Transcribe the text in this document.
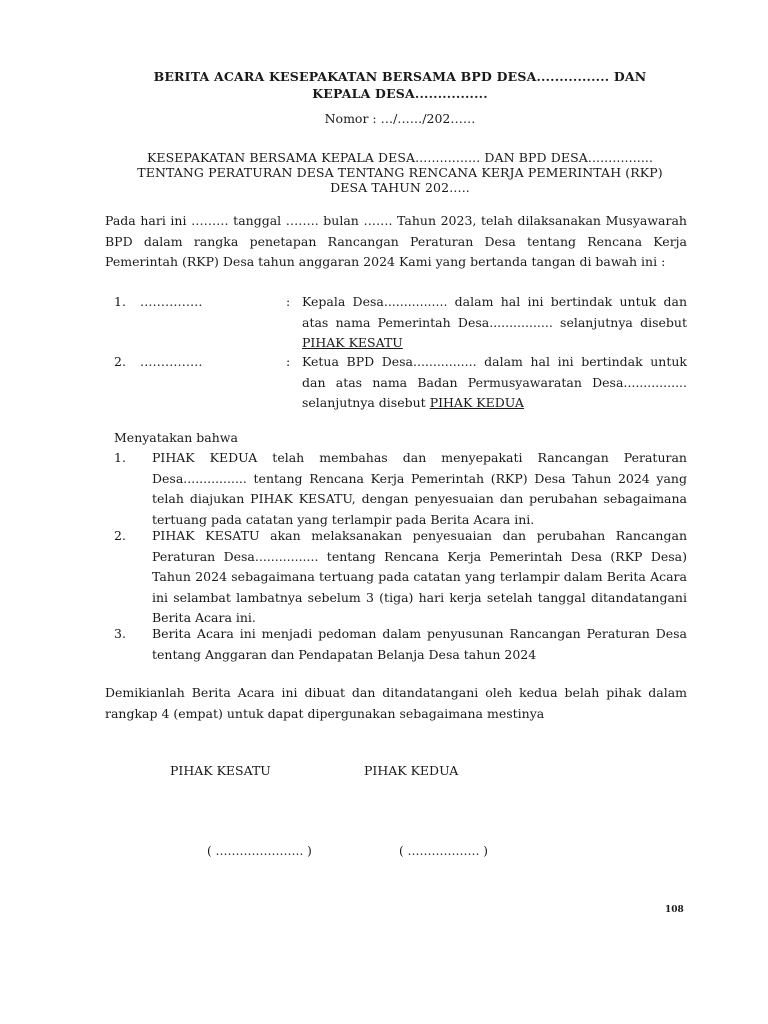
BERITA ACARA KESEPAKATAN BERSAMA BPD DESA................ DAN
KEPALA DESA................
Nomor : …/……/202……
KESEPAKATAN BERSAMA KEPALA DESA................ DAN BPD DESA................
TENTANG PERATURAN DESA TENTANG RENCANA KERJA PEMERINTAH (RKP)
DESA TAHUN 202…..
Pada hari ini ……… tanggal …….. bulan ……. Tahun 2023, telah dilaksanakan Musyawarah BPD dalam rangka penetapan Rancangan Peraturan Desa tentang Rencana Kerja Pemerintah (RKP) Desa tahun anggaran 2024 Kami yang bertanda tangan di bawah ini :
1.	……………	: Kepala Desa................ dalam hal ini bertindak untuk dan atas nama Pemerintah Desa................ selanjutnya disebut PIHAK KESATU
2.	……………	: Ketua BPD Desa................ dalam hal ini bertindak untuk dan atas nama Badan Permusyawaratan Desa................ selanjutnya disebut PIHAK KEDUA
Menyatakan bahwa
1.	PIHAK KEDUA telah membahas dan menyepakati Rancangan Peraturan Desa................ tentang Rencana Kerja Pemerintah (RKP) Desa Tahun 2024 yang telah diajukan PIHAK KESATU, dengan penyesuaian dan perubahan sebagaimana tertuang pada catatan yang terlampir pada Berita Acara ini.
2.	PIHAK KESATU akan melaksanakan penyesuaian dan perubahan Rancangan Peraturan Desa................ tentang Rencana Kerja Pemerintah Desa (RKP Desa) Tahun 2024 sebagaimana tertuang pada catatan yang terlampir dalam Berita Acara ini selambat lambatnya sebelum 3 (tiga) hari kerja setelah tanggal ditandatangani Berita Acara ini.
3.	Berita Acara ini menjadi pedoman dalam penyusunan Rancangan Peraturan Desa tentang Anggaran dan Pendapatan Belanja Desa tahun 2024
Demikianlah Berita Acara ini dibuat dan ditandatangani oleh kedua belah pihak dalam rangkap 4 (empat) untuk dapat dipergunakan sebagaimana mestinya
PIHAK KESATU	PIHAK KEDUA
( …………………. )	( ……………… )
108
